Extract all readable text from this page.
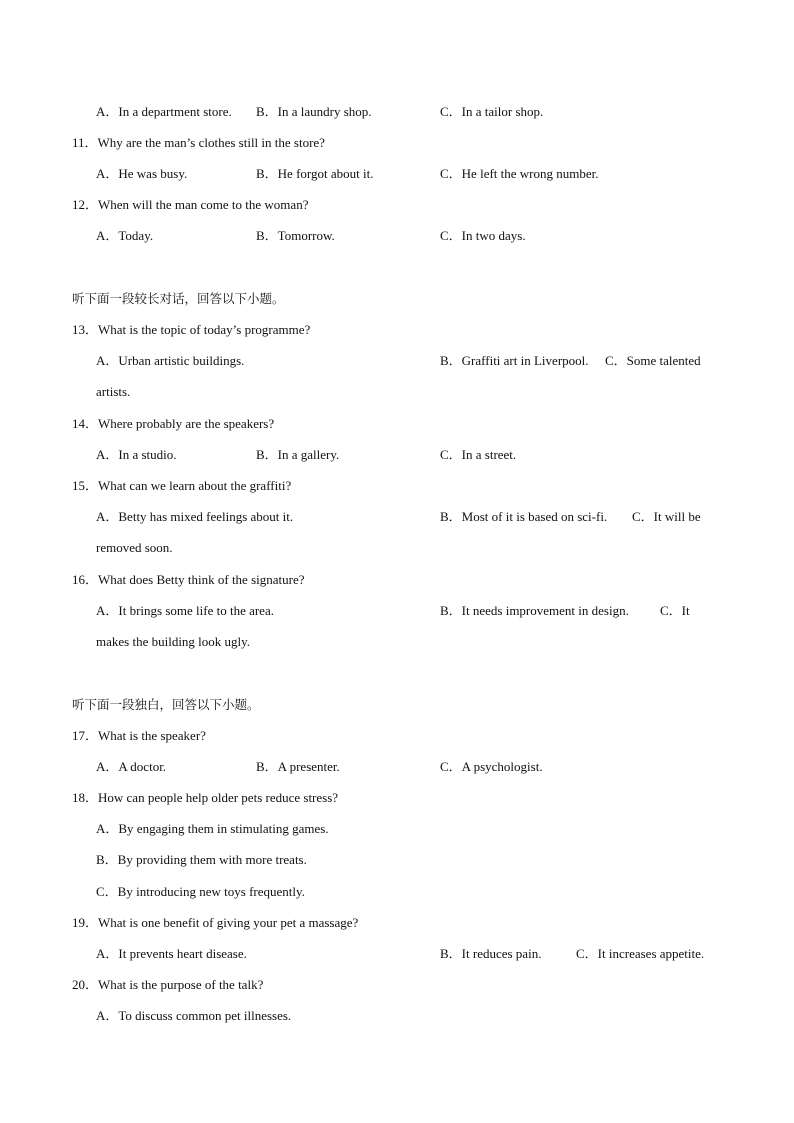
A．In a department store. B．In a laundry shop.	C．In a tailor shop.
11．Why are the man’s clothes still in the store?
A．He was busy.	B．He forgot about it.	C．He left the wrong number.
12．When will the man come to the woman?
A．Today.	B．Tomorrow.	C．In two days.
听下面一段较长对话，回答以下小题。
13．What is the topic of today’s programme?
A．Urban artistic buildings.	B．Graffiti art in Liverpool. C．Some talented
artists.
14．Where probably are the speakers?
A．In a studio.	B．In a gallery.	C．In a street.
15．What can we learn about the graffiti?
A．Betty has mixed feelings about it.	B．Most of it is based on sci-fi. C．It will be
removed soon.
16．What does Betty think of the signature?
A．It brings some life to the area.	B．It needs improvement in design. C．It
makes the building look ugly.
听下面一段独白，回答以下小题。
17．What is the speaker?
A．A doctor.	B．A presenter.	C．A psychologist.
18．How can people help older pets reduce stress?
A．By engaging them in stimulating games.
B．By providing them with more treats.
C．By introducing new toys frequently.
19．What is one benefit of giving your pet a massage?
A．It prevents heart disease.	B．It reduces pain.	C．It increases appetite.
20．What is the purpose of the talk?
A．To discuss common pet illnesses.
